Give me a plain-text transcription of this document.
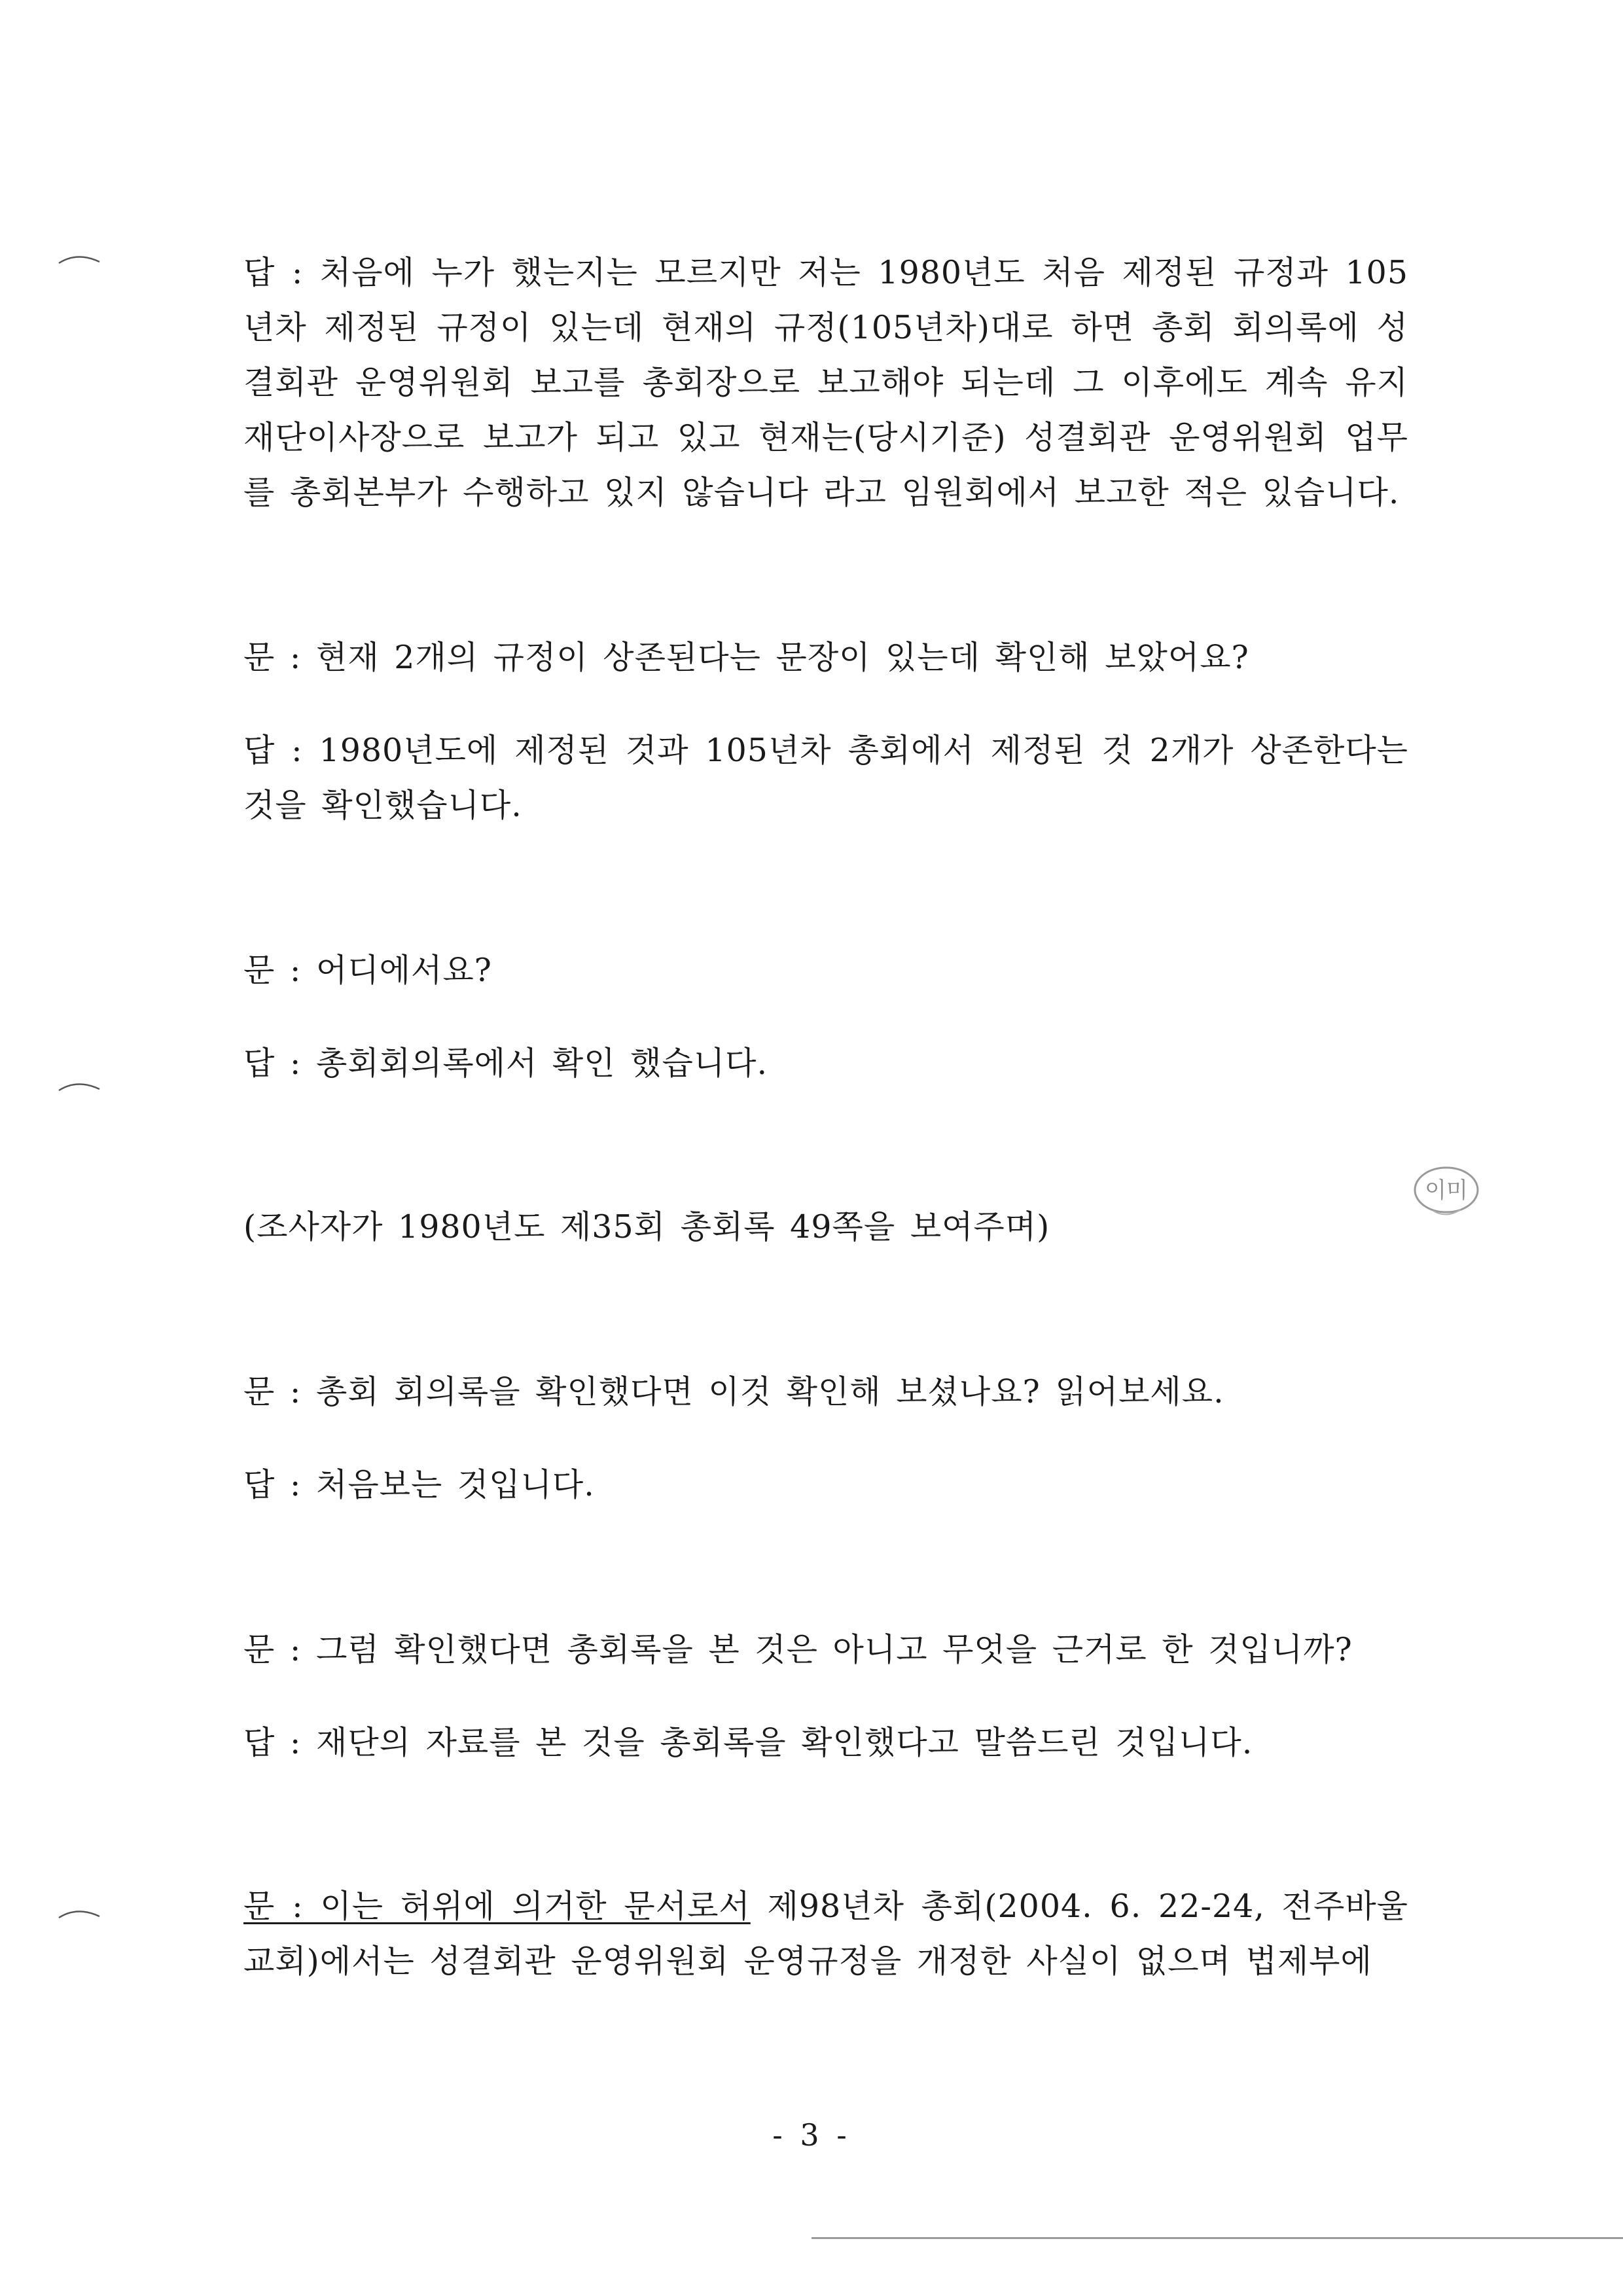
답 : 처음에 누가 했는지는 모르지만 저는 1980년도 처음 제정된 규정과 105년차 제정된 규정이 있는데 현재의 규정(105년차)대로 하면 총회 회의록에 성결회관 운영위원회 보고를 총회장으로 보고해야 되는데 그 이후에도 계속 유지재단이사장으로 보고가 되고 있고 현재는(당시기준) 성결회관 운영위원회 업무를 총회본부가 수행하고 있지 않습니다 라고 임원회에서 보고한 적은 있습니다.

문 : 현재 2개의 규정이 상존된다는 문장이 있는데 확인해 보았어요?

답 : 1980년도에 제정된 것과 105년차 총회에서 제정된 것 2개가 상존한다는 것을 확인했습니다.

문 : 어디에서요?

답 : 총회회의록에서 확인 했습니다.

(조사자가 1980년도 제35회 총회록 49쪽을 보여주며)

문 : 총회 회의록을 확인했다면 이것 확인해 보셨나요? 읽어보세요.

답 : 처음보는 것입니다.

문 : 그럼 확인했다면 총회록을 본 것은 아니고 무엇을 근거로 한 것입니까?

답 : 재단의 자료를 본 것을 총회록을 확인했다고 말씀드린 것입니다.

문 : 이는 허위에 의거한 문서로서 제98년차 총회(2004. 6. 22-24, 전주바울교회)에서는 성결회관 운영위원회 운영규정을 개정한 사실이 없으며 법제부에

이미
- 3 -
